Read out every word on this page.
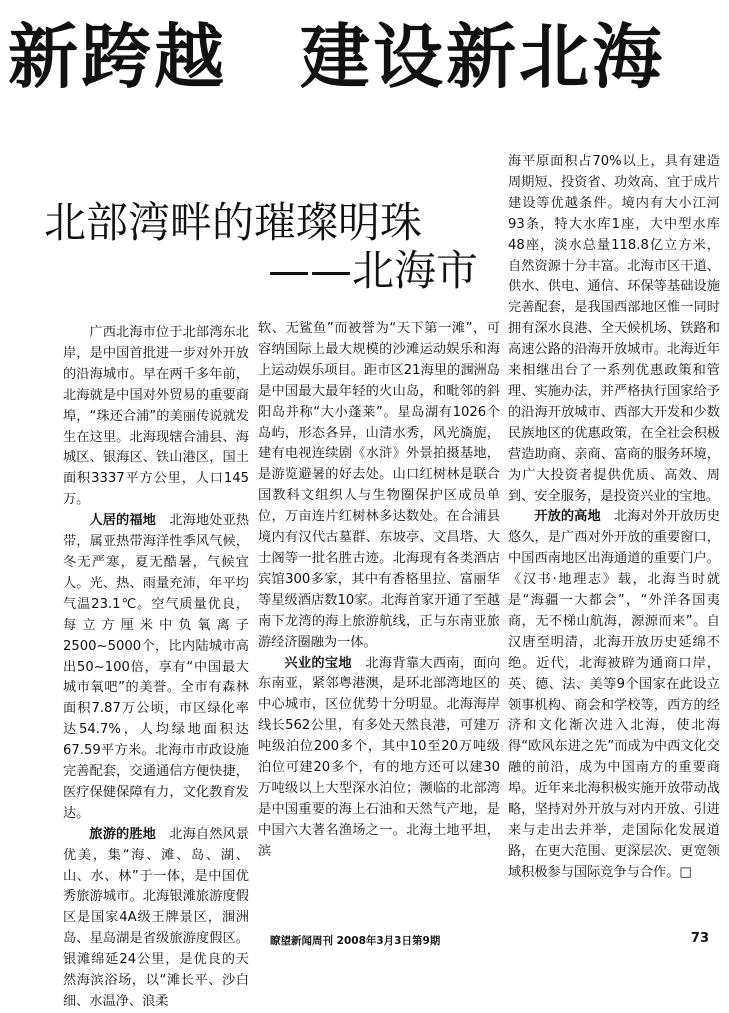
新跨越　建设新北海
北部湾畔的璀璨明珠
——北海市

广西北海市位于北部湾东北岸，是中国首批进一步对外开放的沿海城市。早在两千多年前，北海就是中国对外贸易的重要商埠，“珠还合浦”的美丽传说就发生在这里。北海现辖合浦县、海城区、银海区、铁山港区，国土面积3337平方公里，人口145万。

人居的福地　 北海地处亚热带，属亚热带海洋性季风气候，冬无严寒，夏无酷暑，气候宜人。光、热、雨量充沛，年平均气温23.1℃。空气质量优良，每立方厘米中负氧离子2500~5000个，比内陆城市高出50~100倍，享有“中国最大城市氧吧”的美誉。全市有森林面积7.87万公顷，市区绿化率达54.7%，人均绿地面积达67.59平方米。北海市市政设施完善配套，交通通信方便快捷，医疗保健保障有力，文化教育发达。

旅游的胜地　 北海自然风景优美，集“海、滩、岛、湖、山、水、林”于一体，是中国优秀旅游城市。北海银滩旅游度假区是国家4A级王牌景区，涠洲岛、星岛湖是省级旅游度假区。银滩绵延24公里，是优良的天然海滨浴场，以“滩长平、沙白细、水温净、浪柔

软、无鲨鱼”而被誉为“天下第一滩”，可容纳国际上最大规模的沙滩运动娱乐和海上运动娱乐项目。距市区21海里的涠洲岛是中国最大最年轻的火山岛，和毗邻的斜阳岛并称“大小蓬莱”。星岛湖有1026个岛屿，形态各异，山清水秀，风光旖旎，建有电视连续剧《水浒》外景拍摄基地，是游览避暑的好去处。山口红树林是联合国教科文组织人与生物圈保护区成员单位，万亩连片红树林多达数处。在合浦县境内有汉代古墓群、东坡亭、文昌塔、大士阁等一批名胜古迹。北海现有各类酒店宾馆300多家，其中有香格里拉、富丽华等星级酒店数10家。北海首家开通了至越南下龙湾的海上旅游航线，正与东南亚旅游经济圈融为一体。

兴业的宝地　 北海背靠大西南，面向东南亚，紧邻粤港澳，是环北部湾地区的中心城市，区位优势十分明显。北海海岸线长562公里，有多处天然良港，可建万吨级泊位200多个，其中10至20万吨级泊位可建20多个，有的地方还可以建30万吨级以上大型深水泊位；濒临的北部湾是中国重要的海上石油和天然气产地，是中国六大著名渔场之一。北海土地平坦，滨

海平原面积占70%以上，具有建造周期短、投资省、功效高、宜于成片建设等优越条件。境内有大小江河93条，特大水库1座，大中型水库48座，淡水总量118.8亿立方米，自然资源十分丰富。北海市区干道、供水、供电、通信、环保等基础设施完善配套，是我国西部地区惟一同时拥有深水良港、全天候机场、铁路和高速公路的沿海开放城市。北海近年来相继出台了一系列优惠政策和管理、实施办法，并严格执行国家给予的沿海开放城市、西部大开发和少数民族地区的优惠政策，在全社会积极营造助商、亲商、富商的服务环境，为广大投资者提供优质、高效、周到、安全服务，是投资兴业的宝地。

开放的高地　 北海对外开放历史悠久，是广西对外开放的重要窗口，中国西南地区出海通道的重要门户。《汉书·地理志》载，北海当时就是“海疆一大都会”，“外洋各国夷商，无不梯山航海，源源而来”。自汉唐至明清，北海开放历史延绵不绝。近代，北海被辟为通商口岸，英、德、法、美等9个国家在此设立领事机构、商会和学校等，西方的经济和文化渐次进入北海，使北海得“欧风东进之先”而成为中西文化交融的前沿，成为中国南方的重要商埠。近年来北海积极实施开放带动战略，坚持对外开放与对内开放、引进来与走出去并举，走国际化发展道路，在更大范围、更深层次、更宽领域积极参与国际竞争与合作。□

瞭望新闻周刊 2008年3月3日第9期	73
